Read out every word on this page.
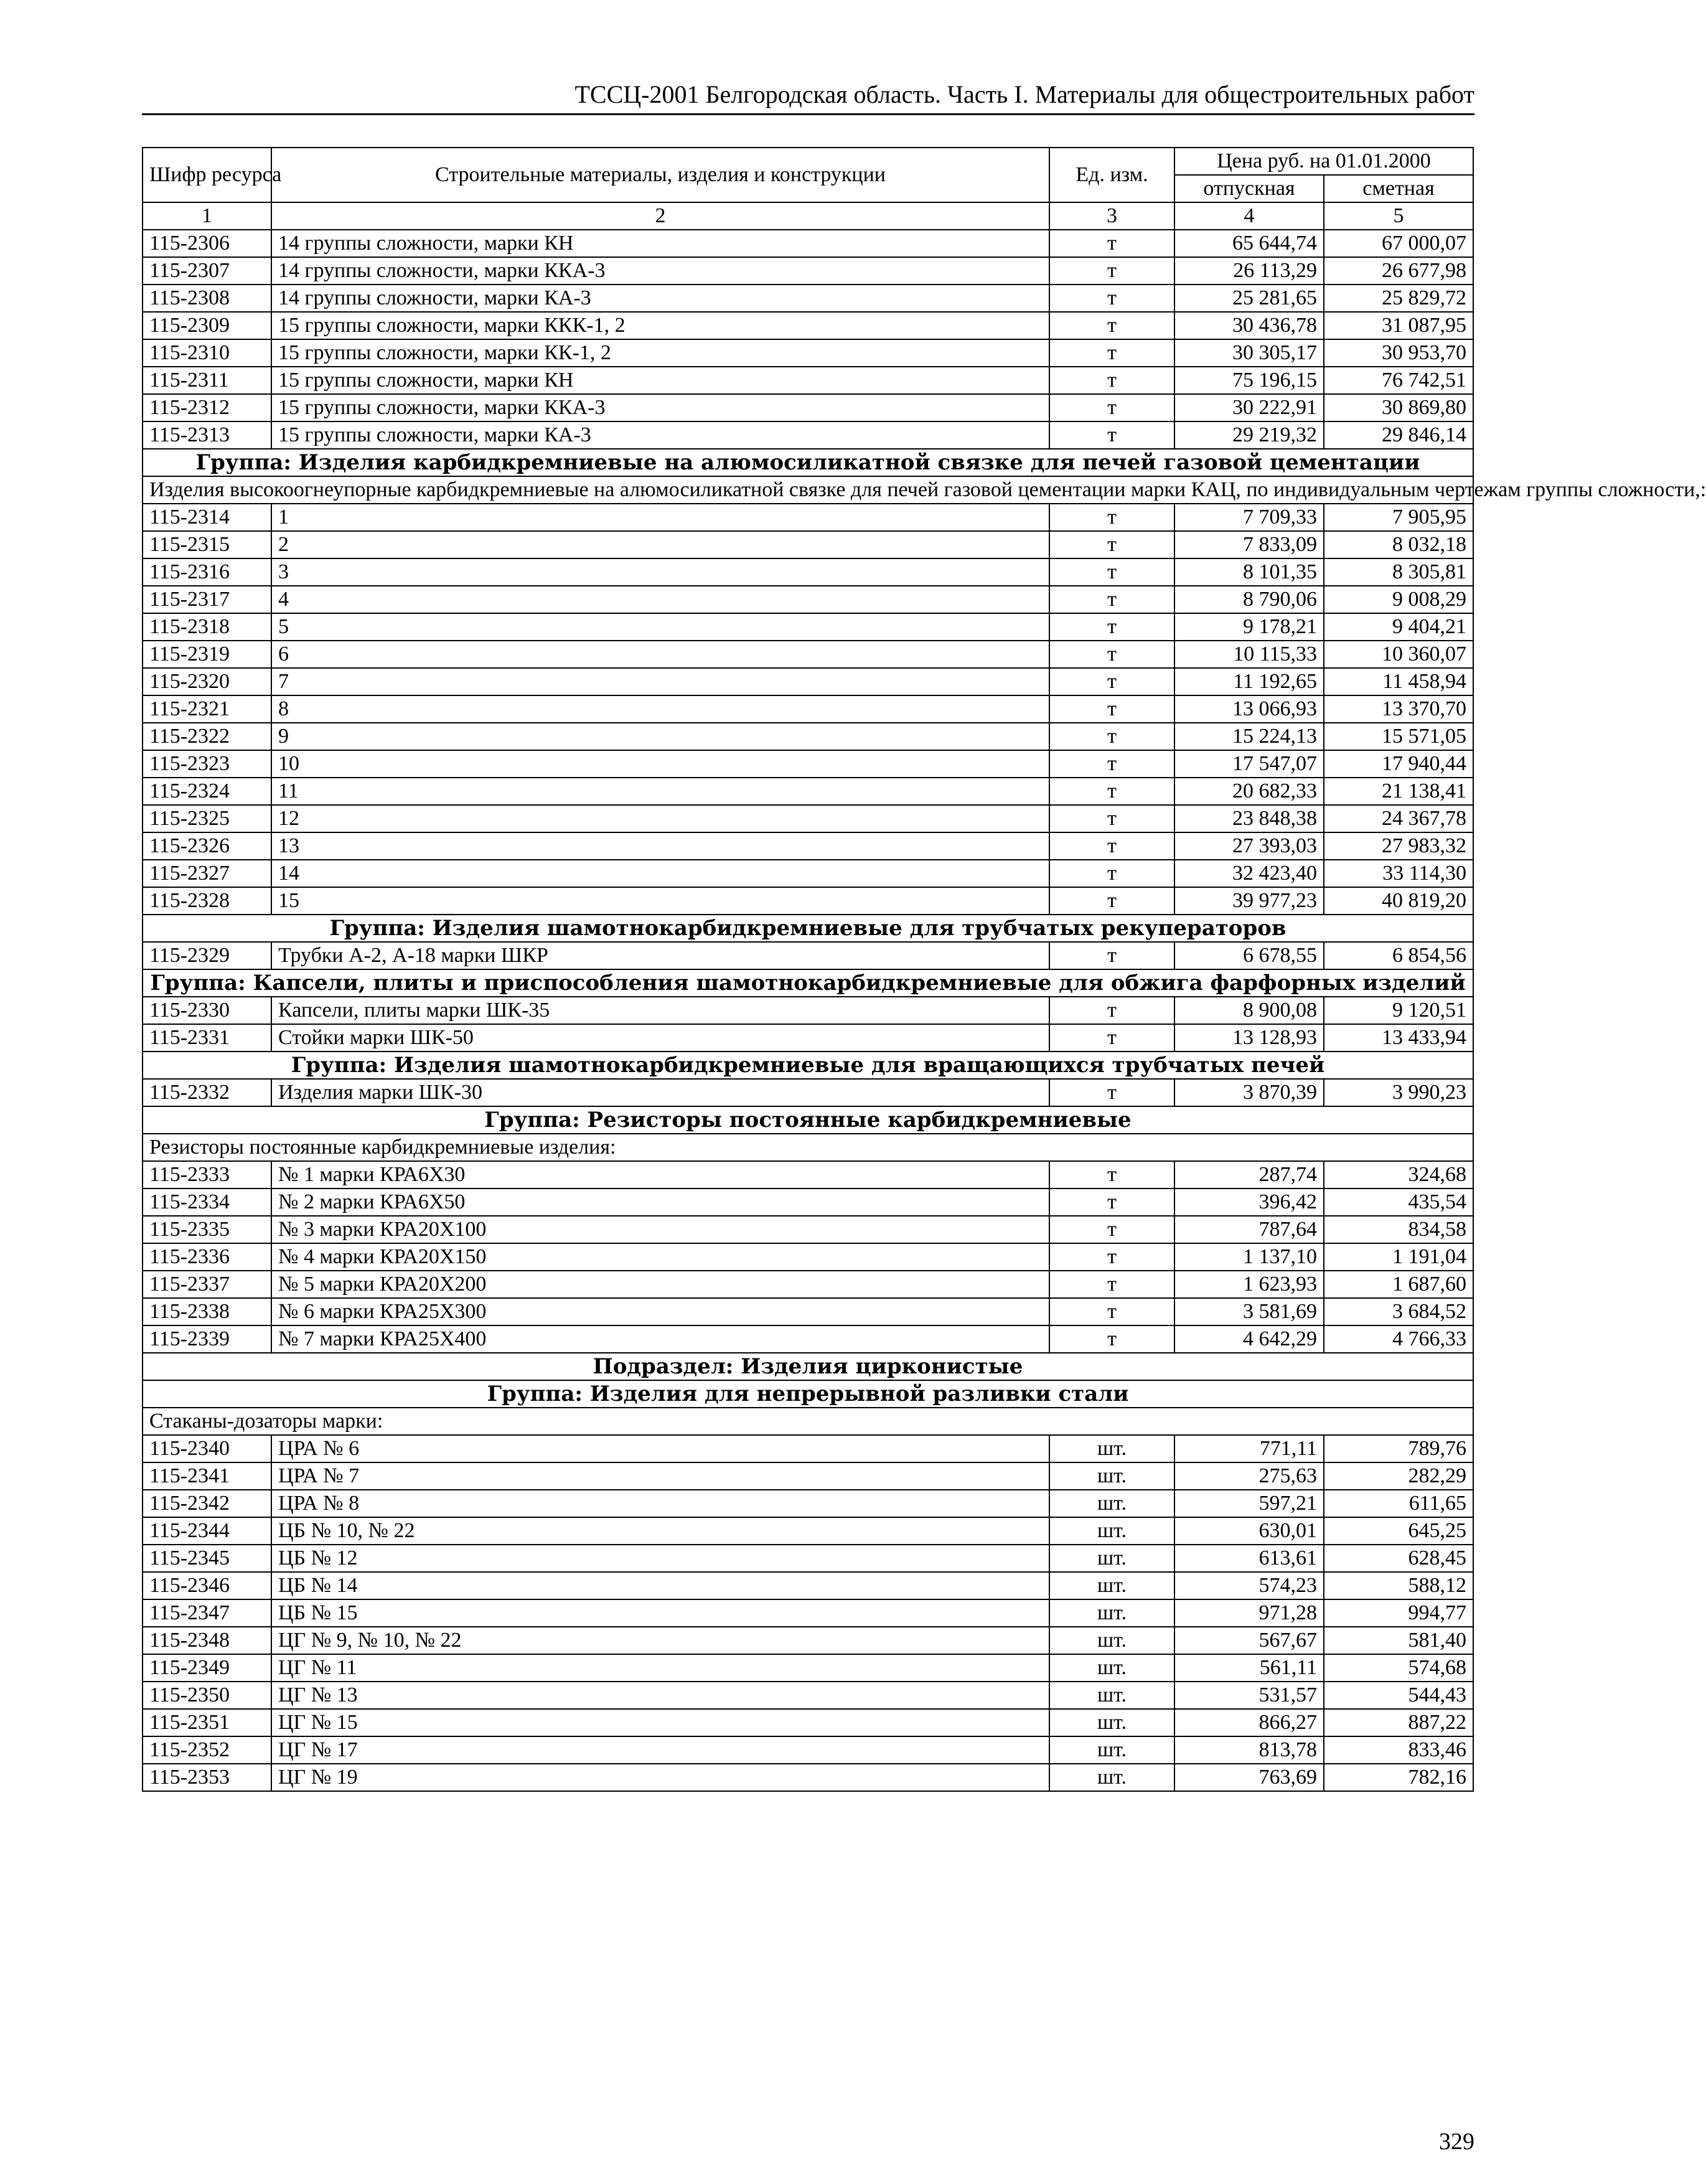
ТССЦ-2001 Белгородская область. Часть I. Материалы для общестроительных работ
Шифр ресурса	Строительные материалы, изделия и конструкции	Ед. изм.	Цена руб. на 01.01.2000	
			отпускная	сметная
1	2	3	4	5
115-2306	14 группы сложности, марки КН	т	65 644,74	67 000,07
115-2307	14 группы сложности, марки ККА-3	т	26 113,29	26 677,98
115-2308	14 группы сложности, марки КА-3	т	25 281,65	25 829,72
115-2309	15 группы сложности, марки ККК-1, 2	т	30 436,78	31 087,95
115-2310	15 группы сложности, марки КК-1, 2	т	30 305,17	30 953,70
115-2311	15 группы сложности, марки КН	т	75 196,15	76 742,51
115-2312	15 группы сложности, марки ККА-3	т	30 222,91	30 869,80
115-2313	15 группы сложности, марки КА-3	т	29 219,32	29 846,14
Группа: Изделия карбидкремниевые на алюмосиликатной связке для печей газовой цементации				
Изделия высокоогнеупорные карбидкремниевые на алюмосиликатной связке для печей газовой цементации марки КАЦ, по индивидуальным чертежам группы сложности,:				
115-2314	1	т	7 709,33	7 905,95
115-2315	2	т	7 833,09	8 032,18
115-2316	3	т	8 101,35	8 305,81
115-2317	4	т	8 790,06	9 008,29
115-2318	5	т	9 178,21	9 404,21
115-2319	6	т	10 115,33	10 360,07
115-2320	7	т	11 192,65	11 458,94
115-2321	8	т	13 066,93	13 370,70
115-2322	9	т	15 224,13	15 571,05
115-2323	10	т	17 547,07	17 940,44
115-2324	11	т	20 682,33	21 138,41
115-2325	12	т	23 848,38	24 367,78
115-2326	13	т	27 393,03	27 983,32
115-2327	14	т	32 423,40	33 114,30
115-2328	15	т	39 977,23	40 819,20
Группа: Изделия шамотнокарбидкремниевые для трубчатых рекуператоров				
115-2329	Трубки А-2, А-18 марки ШКР	т	6 678,55	6 854,56
Группа: Капсели, плиты и приспособления шамотнокарбидкремниевые для обжига фарфорных изделий				
115-2330	Капсели, плиты марки ШК-35	т	8 900,08	9 120,51
115-2331	Стойки марки ШК-50	т	13 128,93	13 433,94
Группа: Изделия шамотнокарбидкремниевые для вращающихся трубчатых печей				
115-2332	Изделия марки ШК-30	т	3 870,39	3 990,23
Группа: Резисторы постоянные карбидкремниевые				
Резисторы постоянные карбидкремниевые изделия:				
115-2333	№ 1 марки КРА6Х30	т	287,74	324,68
115-2334	№ 2 марки КРА6Х50	т	396,42	435,54
115-2335	№ 3 марки КРА20Х100	т	787,64	834,58
115-2336	№ 4 марки КРА20Х150	т	1 137,10	1 191,04
115-2337	№ 5 марки КРА20Х200	т	1 623,93	1 687,60
115-2338	№ 6 марки КРА25Х300	т	3 581,69	3 684,52
115-2339	№ 7 марки КРА25Х400	т	4 642,29	4 766,33
Подраздел: Изделия цирконистые				
Группа: Изделия для непрерывной разливки стали				
Стаканы-дозаторы марки:				
115-2340	ЦРА № 6	шт.	771,11	789,76
115-2341	ЦРА № 7	шт.	275,63	282,29
115-2342	ЦРА № 8	шт.	597,21	611,65
115-2344	ЦБ № 10, № 22	шт.	630,01	645,25
115-2345	ЦБ № 12	шт.	613,61	628,45
115-2346	ЦБ № 14	шт.	574,23	588,12
115-2347	ЦБ № 15	шт.	971,28	994,77
115-2348	ЦГ № 9, № 10, № 22	шт.	567,67	581,40
115-2349	ЦГ № 11	шт.	561,11	574,68
115-2350	ЦГ № 13	шт.	531,57	544,43
115-2351	ЦГ № 15	шт.	866,27	887,22
115-2352	ЦГ № 17	шт.	813,78	833,46
115-2353	ЦГ № 19	шт.	763,69	782,16
329
